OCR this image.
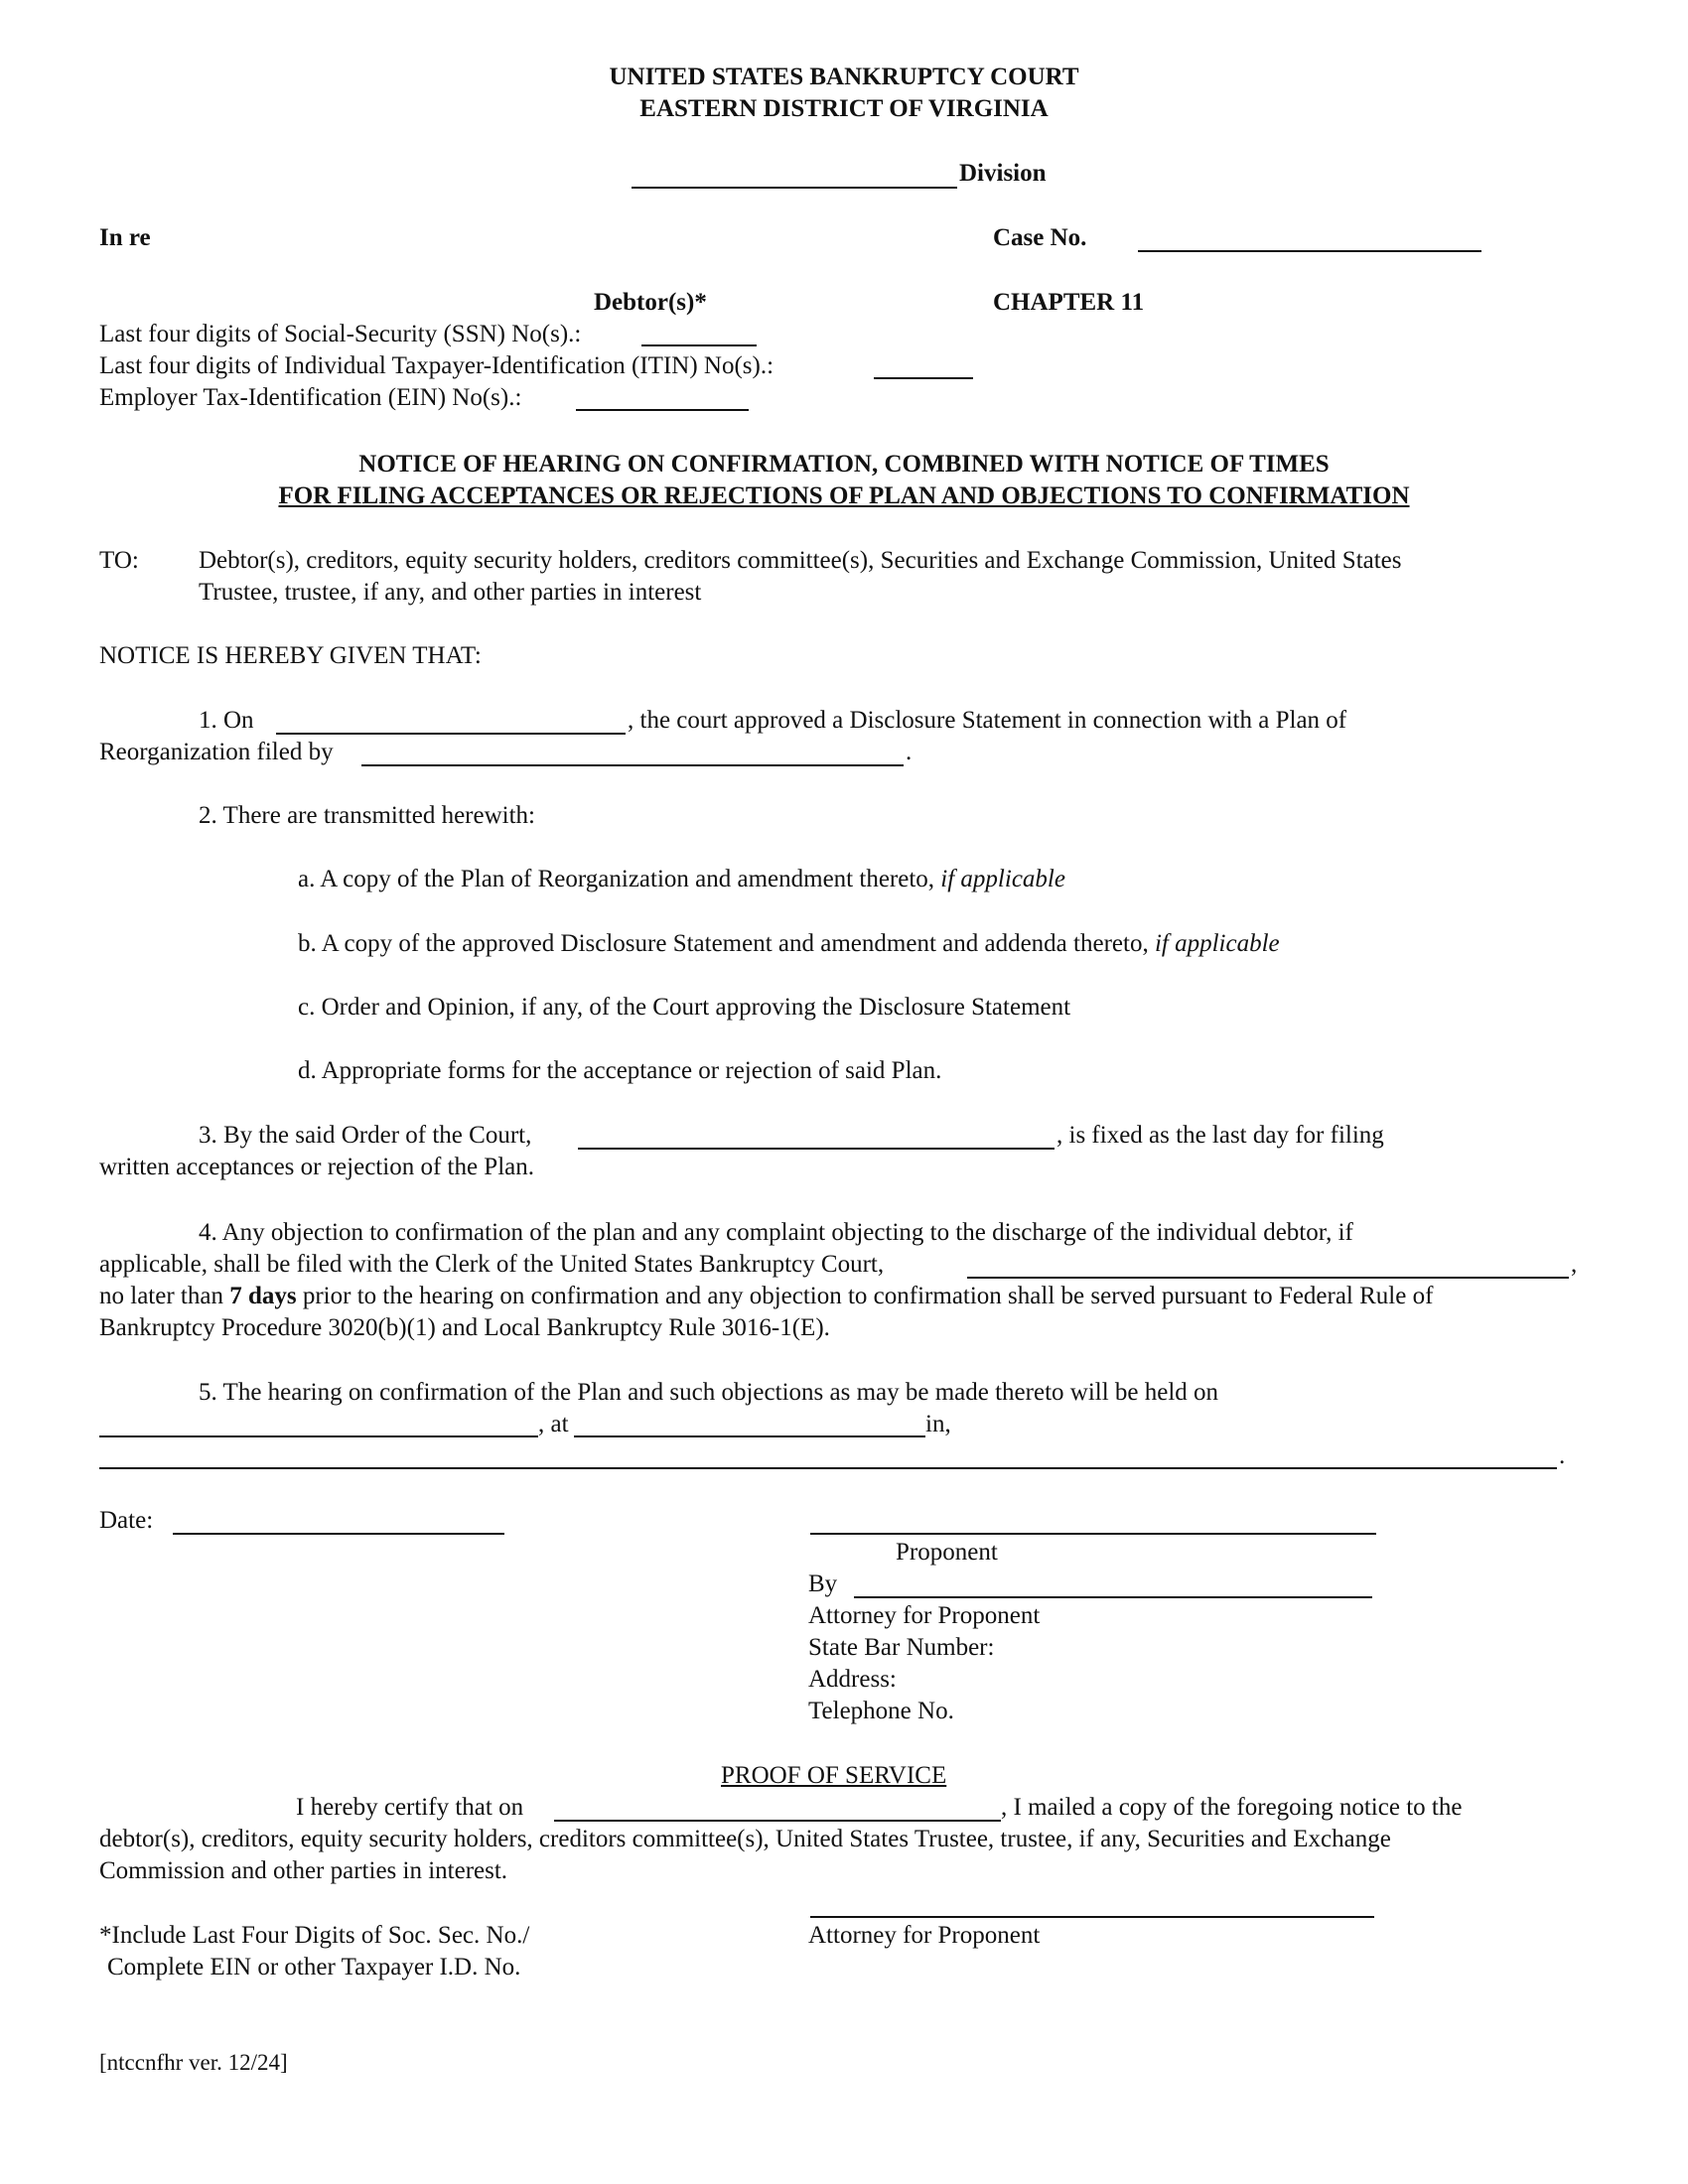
UNITED STATES BANKRUPTCY COURT
EASTERN DISTRICT OF VIRGINIA
Division
In re	Case No.
Debtor(s)*	CHAPTER 11
Last four digits of Social-Security (SSN) No(s).:
Last four digits of Individual Taxpayer-Identification (ITIN) No(s).:
Employer Tax-Identification (EIN) No(s).:
NOTICE OF HEARING ON CONFIRMATION, COMBINED WITH NOTICE OF TIMES
FOR FILING ACCEPTANCES OR REJECTIONS OF PLAN AND OBJECTIONS TO CONFIRMATION
TO: Debtor(s), creditors, equity security holders, creditors committee(s), Securities and Exchange Commission, United States
Trustee, trustee, if any, and other parties in interest
NOTICE IS HEREBY GIVEN THAT:
1. On	, the court approved a Disclosure Statement in connection with a Plan of
Reorganization filed by	.
2. There are transmitted herewith:
a. A copy of the Plan of Reorganization and amendment thereto, if applicable
b. A copy of the approved Disclosure Statement and amendment and addenda thereto, if applicable
c. Order and Opinion, if any, of the Court approving the Disclosure Statement
d. Appropriate forms for the acceptance or rejection of said Plan.
3. By the said Order of the Court,	, is fixed as the last day for filing
written acceptances or rejection of the Plan.
4. Any objection to confirmation of the plan and any complaint objecting to the discharge of the individual debtor, if
applicable, shall be filed with the Clerk of the United States Bankruptcy Court,	,
no later than 7 days prior to the hearing on confirmation and any objection to confirmation shall be served pursuant to Federal Rule of
Bankruptcy Procedure 3020(b)(1) and Local Bankruptcy Rule 3016-1(E).
5. The hearing on confirmation of the Plan and such objections as may be made thereto will be held on
, at	in,
.
Date:
Proponent
By
Attorney for Proponent
State Bar Number:
Address:
Telephone No.
PROOF OF SERVICE
I hereby certify that on	, I mailed a copy of the foregoing notice to the
debtor(s), creditors, equity security holders, creditors committee(s), United States Trustee, trustee, if any, Securities and Exchange
Commission and other parties in interest.
*Include Last Four Digits of Soc. Sec. No./
Complete EIN or other Taxpayer I.D. No.
Attorney for Proponent
[ntccnfhr ver. 12/24]
